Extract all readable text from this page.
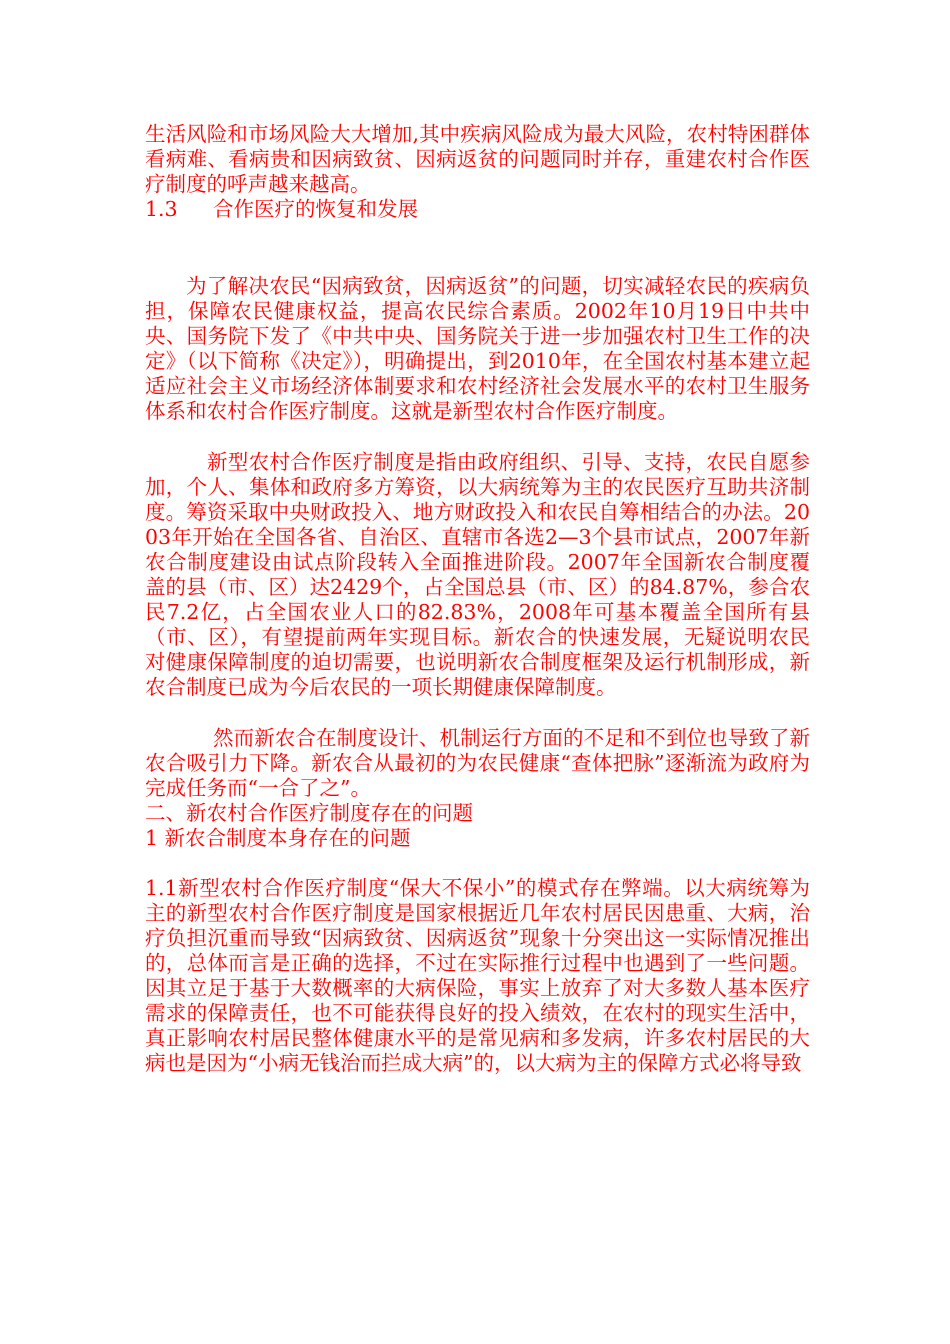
生活风险和市场风险大大增加,其中疾病风险成为最大风险，农村特困群体看病难、看病贵和因病致贫、因病返贫的问题同时并存，重建农村合作医疗制度的呼声越来越高。

1.3 合作医疗的恢复和发展

为了解决农民“因病致贫，因病返贫”的问题，切实减轻农民的疾病负担，保障农民健康权益，提高农民综合素质。2002年10月19日中共中央、国务院下发了《中共中央、国务院关于进一步加强农村卫生工作的决定》（以下简称《决定》），明确提出，到2010年，在全国农村基本建立起适应社会主义市场经济体制要求和农村经济社会发展水平的农村卫生服务体系和农村合作医疗制度。这就是新型农村合作医疗制度。

新型农村合作医疗制度是指由政府组织、引导、支持，农民自愿参加，个人、集体和政府多方筹资，以大病统筹为主的农民医疗互助共济制度。筹资采取中央财政投入、地方财政投入和农民自筹相结合的办法。2003年开始在全国各省、自治区、直辖市各选2—3个县市试点，2007年新农合制度建设由试点阶段转入全面推进阶段。2007年全国新农合制度覆盖的县（市、区）达2429个，占全国总县（市、区）的84.87%，参合农民7.2亿，占全国农业人口的82.83%，2008年可基本覆盖全国所有县（市、区），有望提前两年实现目标。新农合的快速发展，无疑说明农民对健康保障制度的迫切需要，也说明新农合制度框架及运行机制形成，新农合制度已成为今后农民的一项长期健康保障制度。

然而新农合在制度设计、机制运行方面的不足和不到位也导致了新农合吸引力下降。新农合从最初的为农民健康“查体把脉”逐渐流为政府为完成任务而“一合了之”。

二、新农村合作医疗制度存在的问题

1 新农合制度本身存在的问题

1.1新型农村合作医疗制度“保大不保小”的模式存在弊端。以大病统筹为主的新型农村合作医疗制度是国家根据近几年农村居民因患重、大病，治疗负担沉重而导致“因病致贫、因病返贫”现象十分突出这一实际情况推出的，总体而言是正确的选择，不过在实际推行过程中也遇到了一些问题。因其立足于基于大数概率的大病保险，事实上放弃了对大多数人基本医疗需求的保障责任，也不可能获得良好的投入绩效，在农村的现实生活中，真正影响农村居民整体健康水平的是常见病和多发病，许多农村居民的大病也是因为“小病无钱治而拦成大病”的，以大病为主的保障方式必将导致
